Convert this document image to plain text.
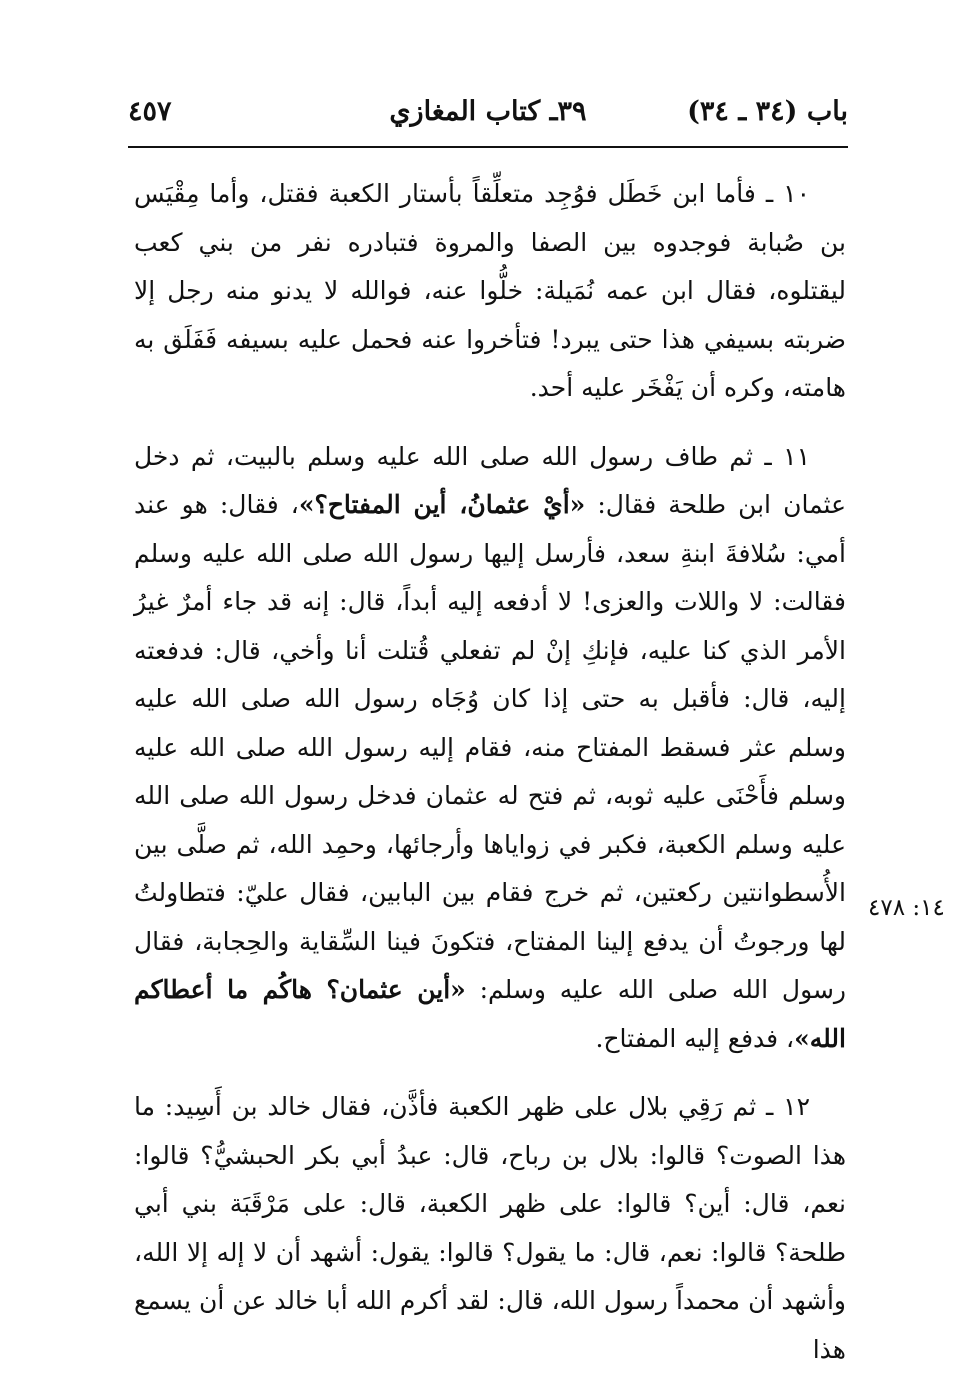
باب (٣٤ ـ ٣٤)
٣٩ـ كتاب المغازي
٤٥٧

١٠ ـ فأما ابن خَطَل فوُجِد متعلِّقاً بأستار الكعبة فقتل، وأما مِقْيَس بن صُبابة فوجدوه بين الصفا والمروة فتبادره نفر من بني كعب ليقتلوه، فقال ابن عمه نُمَيلة: خلُّوا عنه، فوالله لا يدنو منه رجل إلا ضربته بسيفي هذا حتى يبرد! فتأخروا عنه فحمل عليه بسيفه فَفَلَق به هامته، وكره أن يَفْخَر عليه أحد.

١١ ـ ثم طاف رسول الله صلى الله عليه وسلم بالبيت، ثم دخل عثمان ابن طلحة فقال: «أيْ عثمانُ، أين المفتاح؟»، فقال: هو عند أمي: سُلافةَ ابنةِ سعد، فأرسل إليها رسول الله صلى الله عليه وسلم فقالت: لا واللات والعزى! لا أدفعه إليه أبداً، قال: إنه قد جاء أمرٌ غيرُ الأمر الذي كنا عليه، فإنكِ إنْ لم تفعلي قُتلت أنا وأخي، قال: فدفعته إليه، قال: فأقبل به حتى إذا كان وُجَاه رسول الله صلى الله عليه وسلم عثر فسقط المفتاح منه، فقام إليه رسول الله صلى الله عليه وسلم فأَحْنَى عليه ثوبه، ثم فتح له عثمان فدخل رسول الله صلى الله عليه وسلم الكعبة، فكبر في زواياها وأرجائها، وحمِد الله، ثم صلَّى بين الأُسطوانتين ركعتين، ثم خرج فقام بين البابين، فقال عليّ: فتطاولتُ لها ورجوتُ أن يدفع إلينا المفتاح، فتكونَ فينا السِّقاية والحِجابة، فقال رسول الله صلى الله عليه وسلم: «أين عثمان؟ هاكُم ما أعطاكم الله»، فدفع إليه المفتاح.

١٢ ـ ثم رَقِي بلال على ظهر الكعبة فأذَّن، فقال خالد بن أَسِيد: ما هذا الصوت؟ قالوا: بلال بن رباح، قال: عبدُ أبي بكر الحبشيُّ؟ قالوا: نعم، قال: أين؟ قالوا: على ظهر الكعبة، قال: على مَرْقَبَة بني أبي طلحة؟ قالوا: نعم، قال: ما يقول؟ قالوا: يقول: أشهد أن لا إله إلا الله، وأشهد أن محمداً رسول الله، قال: لقد أكرم الله أبا خالد عن أن يسمع هذا

١٤: ٤٧٨
